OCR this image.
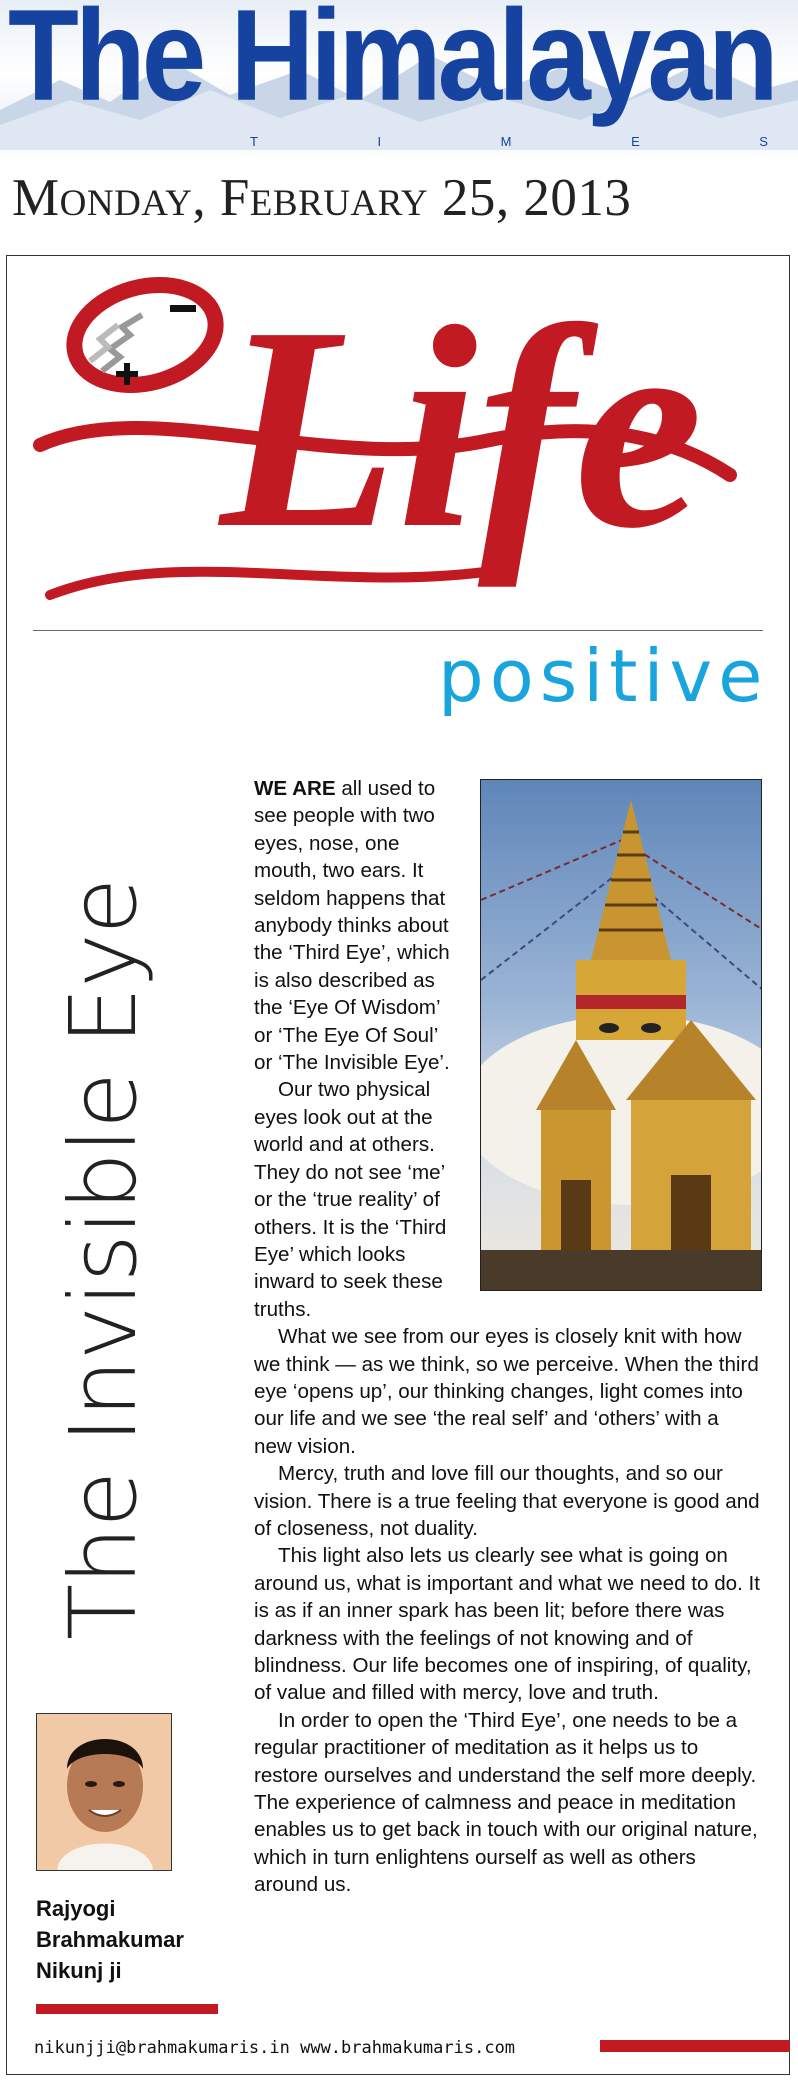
The Himalayan
T	I	M	E	S
Monday, February 25, 2013
Life
positive
The Invisible Eye

WE ARE all used to see people with two eyes, nose, one mouth, two ears. It seldom happens that anybody thinks about the ‘Third Eye’, which is also described as the ‘Eye Of Wisdom’ or ‘The Eye Of Soul’ or ‘The Invisible Eye’.

Our two physical eyes look out at the world and at others. They do not see ‘me’ or the ‘true reality’ of others. It is the ‘Third Eye’ which looks inward to seek these truths.

What we see from our eyes is closely knit with how we think — as we think, so we perceive. When the third eye ‘opens up’, our thinking changes, light comes into our life and we see ‘the real self’ and ‘others’ with a new vision.

Mercy, truth and love fill our thoughts, and so our vision. There is a true feeling that everyone is good and of closeness, not duality.

This light also lets us clearly see what is going on around us, what is important and what we need to do. It is as if an inner spark has been lit; before there was darkness with the feelings of not knowing and of blindness. Our life becomes one of inspiring, of quality, of value and filled with mercy, love and truth.

In order to open the ‘Third Eye’, one needs to be a regular practitioner of meditation as it helps us to restore ourselves and understand the self more deeply. The experience of calmness and peace in meditation enables us to get back in touch with our original nature, which in turn enlightens ourself as well as others around us.

Rajyogi
Brahmakumar
Nikunj ji
nikunjji@brahmakumaris.in www.brahmakumaris.com
